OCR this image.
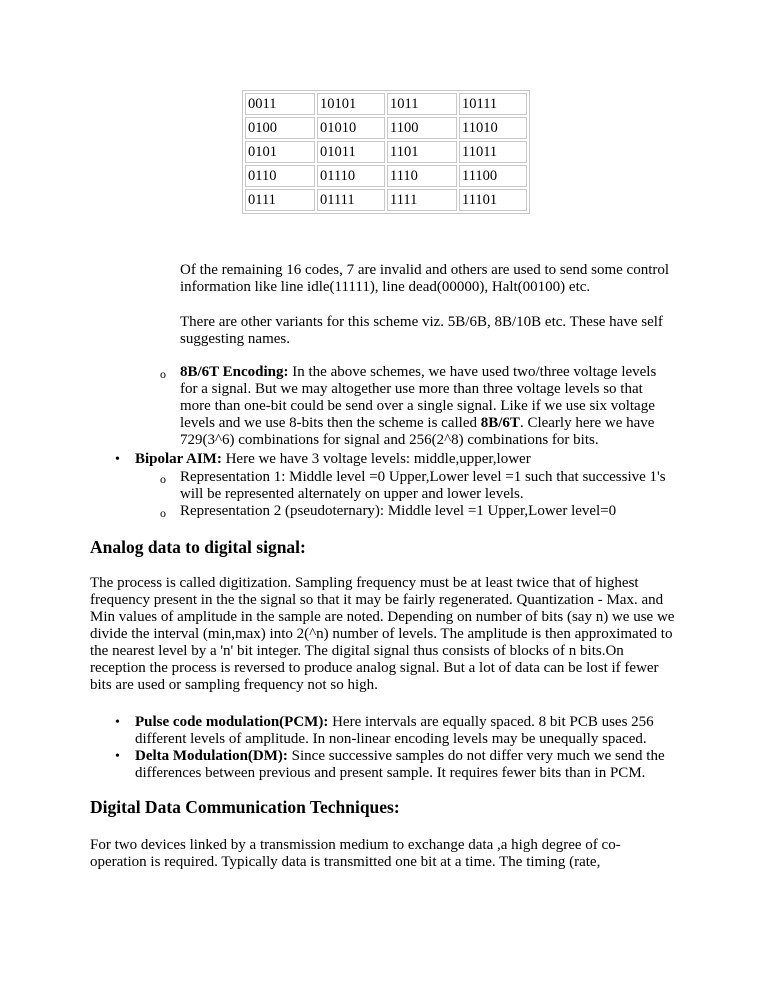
0011	10101	1011	10111
0100	01010	1100	11010
0101	01011	1101	11011
0110	01110	1110	11100
0111	01111	1111	11101
Of the remaining 16 codes, 7 are invalid and others are used to send some control
information like line idle(11111), line dead(00000), Halt(00100) etc.
There are other variants for this scheme viz. 5B/6B, 8B/10B etc. These have self
suggesting names.
o 8B/6T Encoding: In the above schemes, we have used two/three voltage levels
for a signal. But we may altogether use more than three voltage levels so that
more than one-bit could be send over a single signal. Like if we use six voltage
levels and we use 8-bits then the scheme is called 8B/6T. Clearly here we have
729(3^6) combinations for signal and 256(2^8) combinations for bits.
• Bipolar AIM: Here we have 3 voltage levels: middle,upper,lower
o Representation 1: Middle level =0 Upper,Lower level =1 such that successive 1's
will be represented alternately on upper and lower levels.
o Representation 2 (pseudoternary): Middle level =1 Upper,Lower level=0
Analog data to digital signal:
The process is called digitization. Sampling frequency must be at least twice that of highest
frequency present in the the signal so that it may be fairly regenerated. Quantization - Max. and
Min values of amplitude in the sample are noted. Depending on number of bits (say n) we use we
divide the interval (min,max) into 2(^n) number of levels. The amplitude is then approximated to
the nearest level by a 'n' bit integer. The digital signal thus consists of blocks of n bits.On
reception the process is reversed to produce analog signal. But a lot of data can be lost if fewer
bits are used or sampling frequency not so high.
• Pulse code modulation(PCM): Here intervals are equally spaced. 8 bit PCB uses 256
different levels of amplitude. In non-linear encoding levels may be unequally spaced.
• Delta Modulation(DM): Since successive samples do not differ very much we send the
differences between previous and present sample. It requires fewer bits than in PCM.
Digital Data Communication Techniques:
For two devices linked by a transmission medium to exchange data ,a high degree of co-
operation is required. Typically data is transmitted one bit at a time. The timing (rate,
